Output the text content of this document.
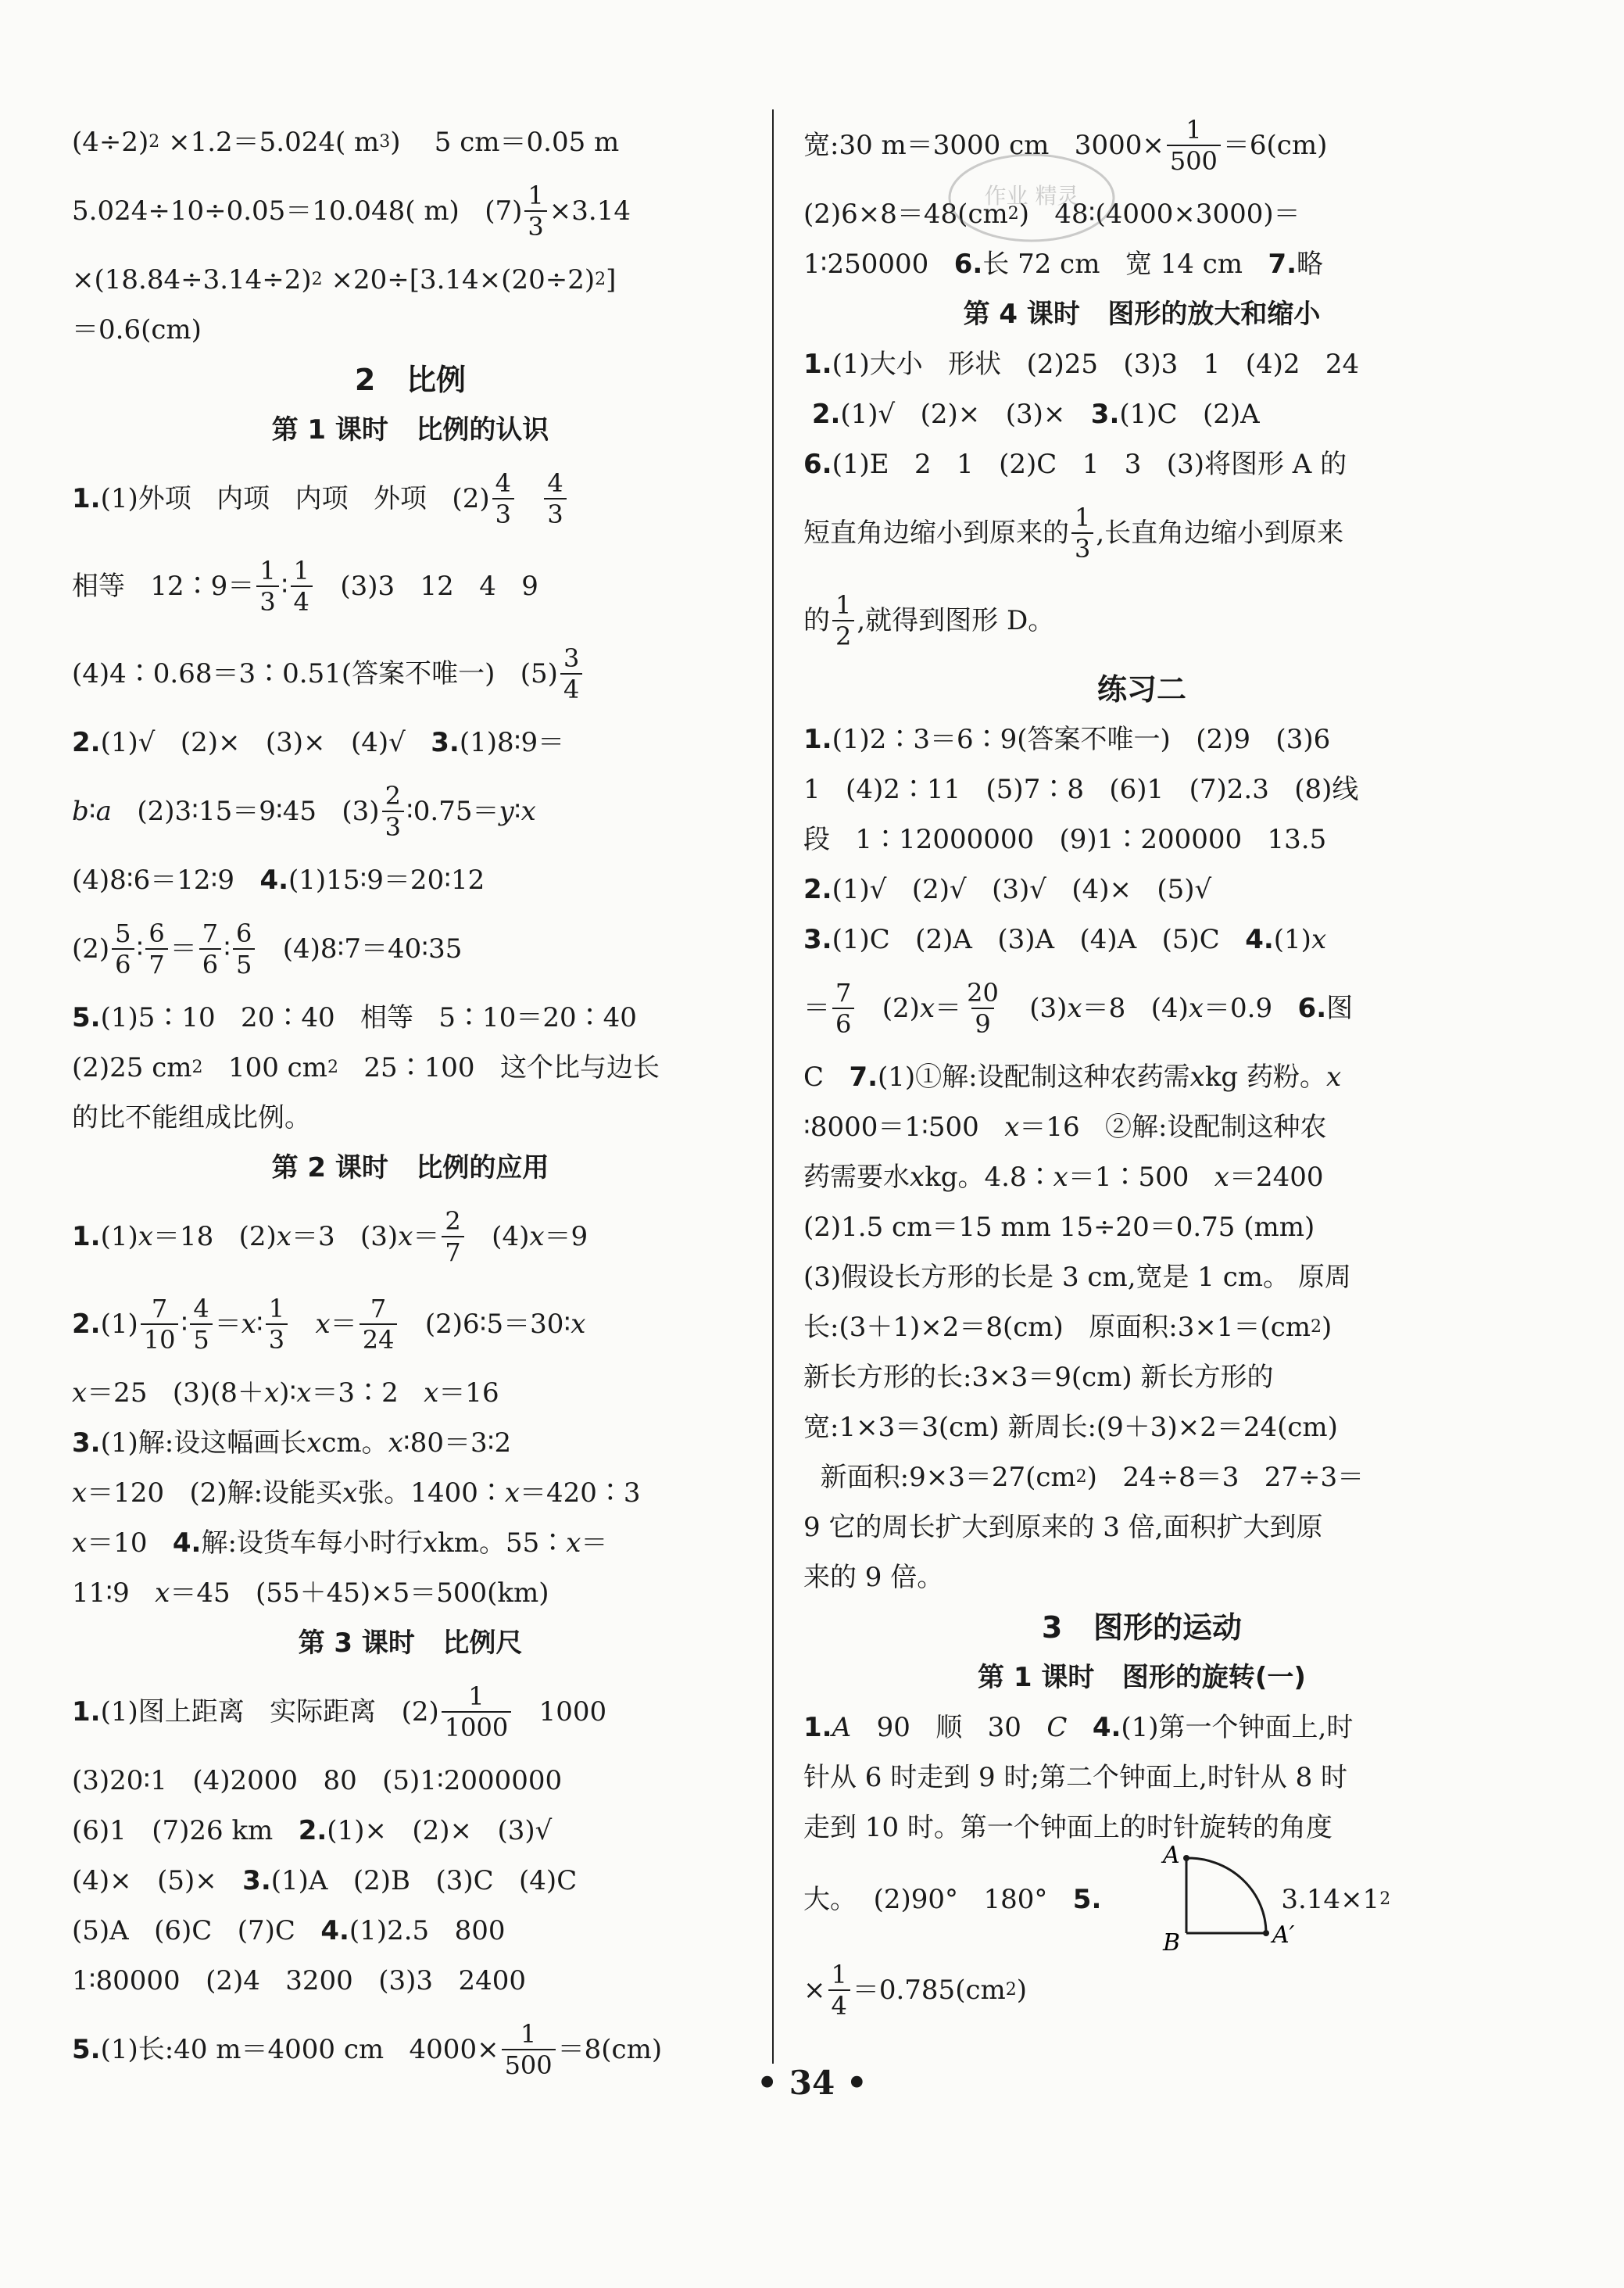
(4÷2) 2 ×1.2＝5.024( m 3 )    5 cm＝0.05 m
5.024÷10÷0.05＝10.048( m)   (7) 1
3 ×3.14
×(18.84÷3.14÷2) 2 ×20÷[3.14×(20÷2) 2 ]
＝0.6(cm)
2   比例
第 1 课时   比例的认识
1. (1)外项   内项   内项   外项   (2) 4
3

4
3
相等   12∶9＝ 1
3 ∶ 1
4 (3)3   12   4   9
(4)4∶0.68＝3∶0.51(答案不唯一)   (5) 3
4
2. (1)√   (2)×   (3)×   (4)√ 3. (1)8∶9＝
b ∶ a (2)3∶15＝9∶45   (3) 2
3 ∶0.75＝ y ∶ x
(4)8∶6＝12∶9 4. (1)15∶9＝20∶12
(2) 5
6 ∶ 6
7 ＝ 7
6 ∶ 6
5 (4)8∶7＝40∶35
5. (1)5∶10   20∶40   相等   5∶10＝20∶40
(2)25 cm 2 100 cm 2 25∶100   这个比与边长
的比不能组成比例。
第 2 课时   比例的应用
1. (1) x ＝18   (2) x ＝3   (3) x ＝ 2
7 (4) x ＝9
2. (1) 7
10 ∶ 4
5 ＝ x ∶ 1
3
x ＝ 7
24 (2)6∶5＝30∶ x
x ＝25   (3)(8＋ x )∶ x ＝3∶2 x ＝16
3. (1)解:设这幅画长 x cm。 x ∶80＝3∶2
x ＝120   (2)解:设能买 x 张。1400∶ x ＝420∶3
x ＝10 4. 解:设货车每小时行 x km。55∶ x ＝
11∶9 x ＝45   (55＋45)×5＝500(km)
第 3 课时   比例尺
1. (1)图上距离   实际距离   (2) 1
1000 1000
(3)20∶1   (4)2000   80   (5)1∶2000000
(6)1   (7)26 km 2. (1)×   (2)×   (3)√
(4)×   (5)× 3. (1)A   (2)B   (3)C   (4)C
(5)A   (6)C   (7)C 4. (1)2.5   800
1∶80000   (2)4   3200   (3)3   2400
5. (1)长:40 m＝4000 cm   4000× 1
500 ＝8(cm)
宽:30 m＝3000 cm   3000× 1
500 ＝6(cm)
(2)6×8＝48(cm 2 )   48∶(4000×3000)＝
1∶250000 6. 长 72 cm   宽 14 cm 7. 略
第 4 课时   图形的放大和缩小
1. (1)大小   形状   (2)25   (3)3   1   (4)2   24

2. (1)√   (2)×   (3)× 3. (1)C   (2)A
6. (1)E   2   1   (2)C   1   3   (3)将图形 A 的
短直角边缩小到原来的 1
3 ,长直角边缩小到原来
的 1
2 ,就得到图形 D。
练习二
1. (1)2∶3＝6∶9(答案不唯一)   (2)9   (3)6
1   (4)2∶11   (5)7∶8   (6)1   (7)2.3   (8)线
段   1∶12000000   (9)1∶200000   13.5
2. (1)√   (2)√   (3)√   (4)×   (5)√
3. (1)C   (2)A   (3)A   (4)A   (5)C 4. (1) x
＝ 7
6 (2) x ＝ 20
9 (3) x ＝8   (4) x ＝0.9 6. 图
C 7. (1)①解:设配制这种农药需 x kg 药粉。 x
∶8000＝1∶500 x ＝16   ②解:设配制这种农
药需要水 x kg。4.8∶ x ＝1∶500 x ＝2400
(2)1.5 cm＝15 mm 15÷20＝0.75 (mm)
(3)假设长方形的长是 3 cm,宽是 1 cm。 原周
长:(3＋1)×2＝8(cm)   原面积:3×1＝(cm 2 )
新长方形的长:3×3＝9(cm) 新长方形的
宽:1×3＝3(cm) 新周长:(9＋3)×2＝24(cm)
新面积:9×3＝27(cm 2 )   24÷8＝3   27÷3＝
9 它的周长扩大到原来的 3 倍,面积扩大到原
来的 9 倍。
3   图形的运动
第 1 课时   图形的旋转(一)
1. A 90   顺   30 C
4. (1)第一个钟面上,时
针从 6 时走到 9 时;第二个钟面上,时针从 8 时
走到 10 时。第一个钟面上的时针旋转的角度
大。  (2)90°   180° 5.	3.14×1 2
× 1
4 ＝0.785(cm 2 )
A
B	A′
作业 精灵
• 34 •
